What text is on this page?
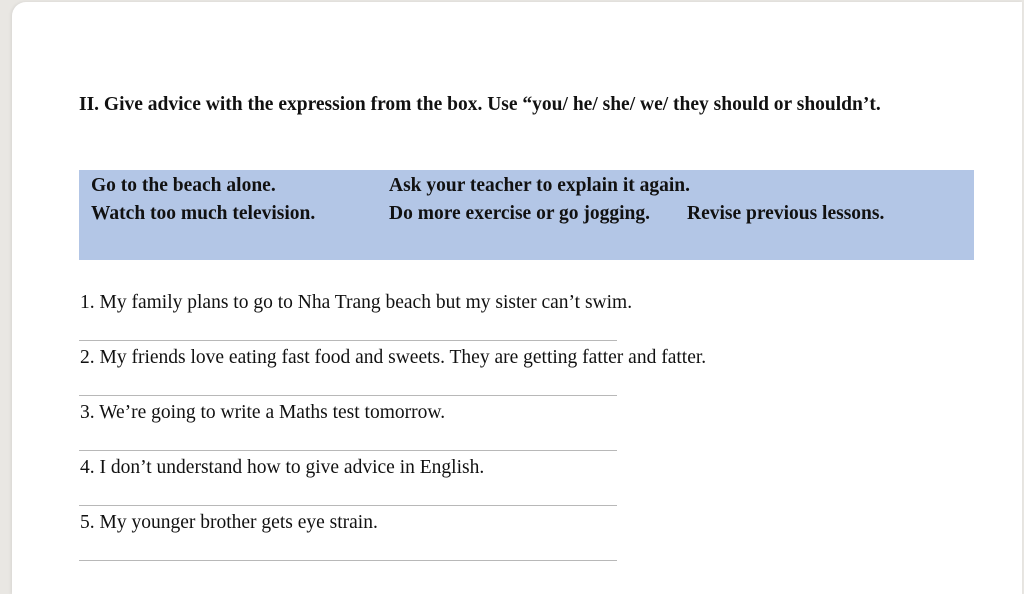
II. Give advice with the expression from the box. Use “you/ he/ she/ we/ they should or shouldn’t.

Go to the beach alone.	Ask your teacher to explain it again.
Watch too much television.	Do more exercise or go jogging. Revise previous lessons.
1. My family plans to go to Nha Trang beach but my sister can’t swim.
2. My friends love eating fast food and sweets. They are getting fatter and fatter.
3. We’re going to write a Maths test tomorrow.
4. I don’t understand how to give advice in English.
5. My younger brother gets eye strain.
